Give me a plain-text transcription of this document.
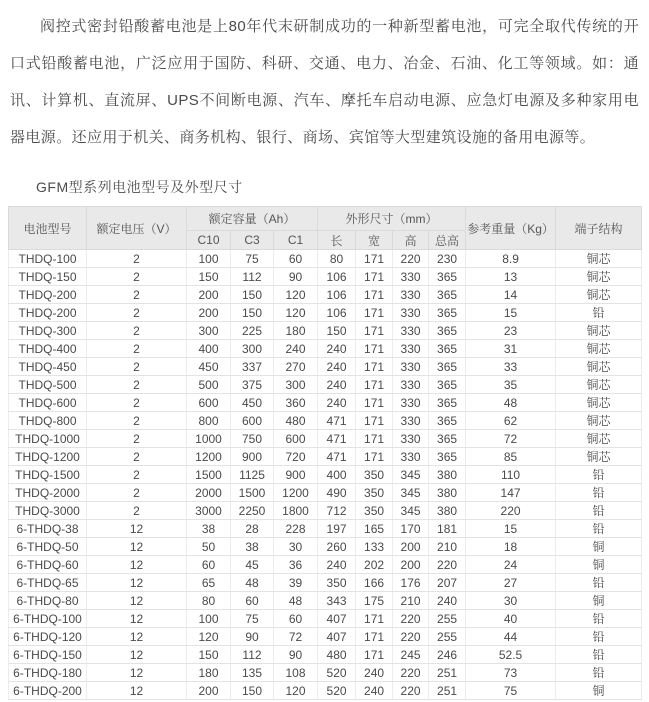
阀控式密封铅酸蓄电池是上80年代末研制成功的一种新型蓄电池，可完全取代传统的开口式铅酸蓄电池，广泛应用于国防、科研、交通、电力、冶金、石油、化工等领域。如：通讯、计算机、直流屏、UPS不间断电源、汽车、摩托车启动电源、应急灯电源及多种家用电器电源。还应用于机关、商务机构、银行、商场、宾馆等大型建筑设施的备用电源等。

GFM型系列电池型号及外型尺寸
电池型号	额定电压（V）	额定容量（Ah）			外形尺寸（mm）				参考重量（Kg）	端子结构
		C10	C3	C1	长	宽	高	总高		
THDQ-100	2	100	75	60	80	171	220	230	8.9	铜芯
THDQ-150	2	150	112	90	106	171	330	365	13	铜芯
THDQ-200	2	200	150	120	106	171	330	365	14	铜芯
THDQ-200	2	200	150	120	106	171	330	365	15	铅
THDQ-300	2	300	225	180	150	171	330	365	23	铜芯
THDQ-400	2	400	300	240	240	171	330	365	31	铜芯
THDQ-450	2	450	337	270	240	171	330	365	33	铜芯
THDQ-500	2	500	375	300	240	171	330	365	35	铜芯
THDQ-600	2	600	450	360	240	171	330	365	48	铜芯
THDQ-800	2	800	600	480	471	171	330	365	62	铜芯
THDQ-1000	2	1000	750	600	471	171	330	365	72	铜芯
THDQ-1200	2	1200	900	720	471	171	330	365	85	铜芯
THDQ-1500	2	1500	1125	900	400	350	345	380	110	铅
THDQ-2000	2	2000	1500	1200	490	350	345	380	147	铅
THDQ-3000	2	3000	2250	1800	712	350	345	380	220	铅
6-THDQ-38	12	38	28	228	197	165	170	181	15	铅
6-THDQ-50	12	50	38	30	260	133	200	210	18	铜
6-THDQ-60	12	60	45	36	240	202	200	220	24	铜
6-THDQ-65	12	65	48	39	350	166	176	207	27	铅
6-THDQ-80	12	80	60	48	343	175	210	240	30	铜
6-THDQ-100	12	100	75	60	407	171	220	255	40	铅
6-THDQ-120	12	120	90	72	407	171	220	255	44	铅
6-THDQ-150	12	150	112	90	480	171	245	246	52.5	铅
6-THDQ-180	12	180	135	108	520	240	220	251	73	铅
6-THDQ-200	12	200	150	120	520	240	220	251	75	铜
